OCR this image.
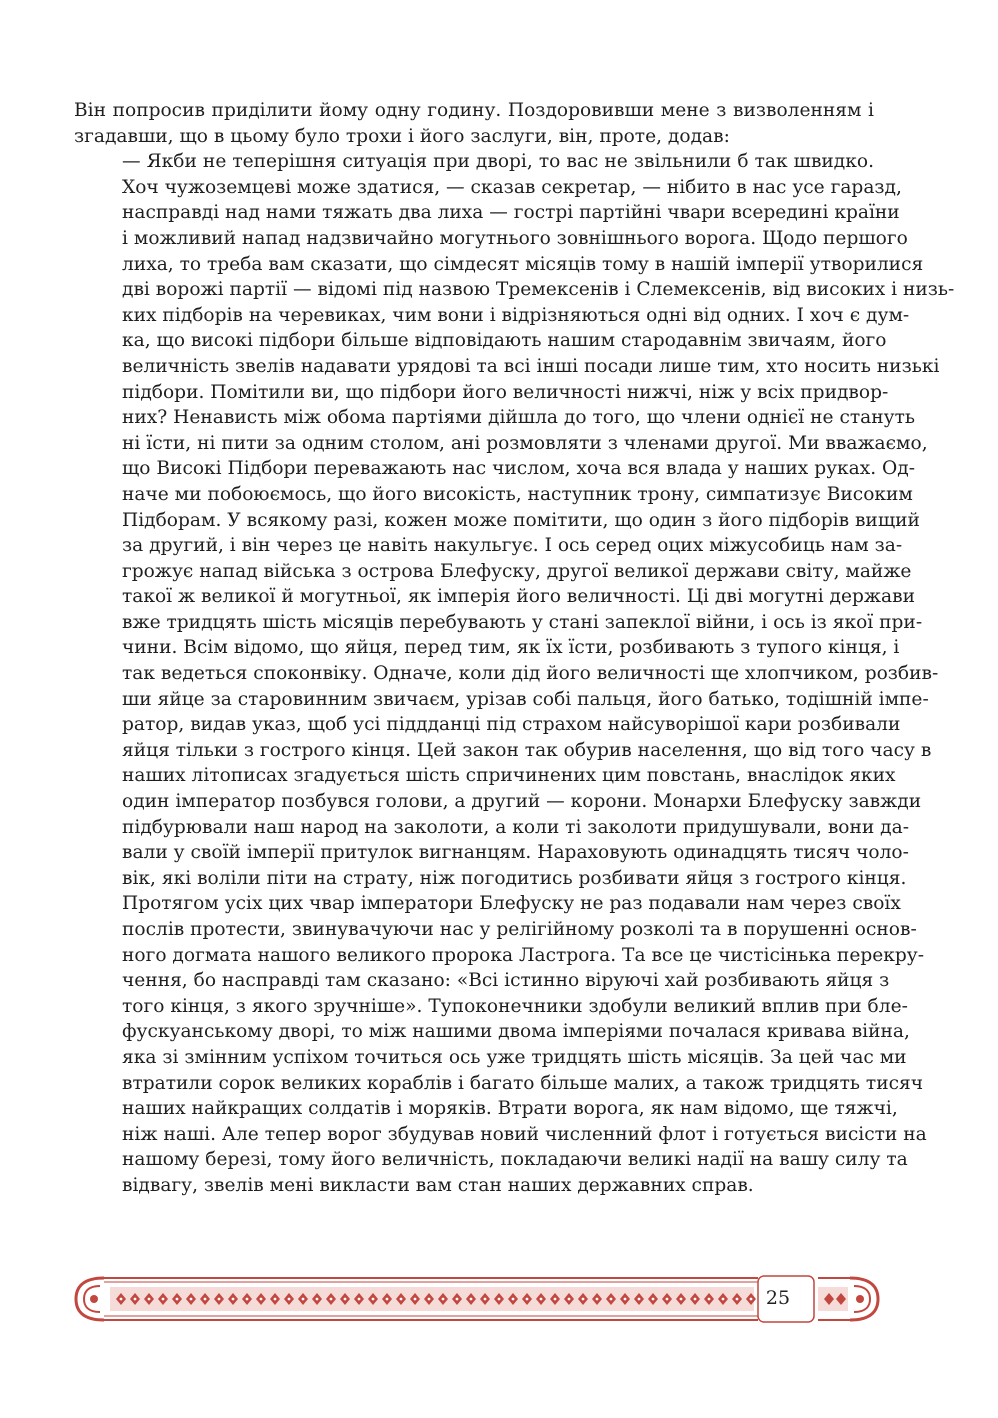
Він попросив приділити йому одну годину. Поздоровивши мене з визволенням і
згадавши, що в цьому було трохи і його заслуги, він, проте, додав:

— Якби не теперішня ситуація при дворі, то вас не звільнили б так швидко.
Хоч чужоземцеві може здатися, — сказав секретар, — нібито в нас усе гаразд,
насправді над нами тяжать два лиха — гострі партійні чвари всередині країни
і можливий напад надзвичайно могутнього зовнішнього ворога. Щодо першого
лиха, то треба вам сказати, що сімдесят місяців тому в нашій імперії утворилися
дві ворожі партії — відомі під назвою Тремексенів і Слемексенів, від високих і низь-
ких підборів на черевиках, чим вони і відрізняються одні від одних. І хоч є дум-
ка, що високі підбори більше відповідають нашим стародавнім звичаям, його
величність звелів надавати урядові та всі інші посади лише тим, хто носить низькі
підбори. Помітили ви, що підбори його величності нижчі, ніж у всіх придвор-
них? Ненависть між обома партіями дійшла до того, що члени однієї не стануть
ні їсти, ні пити за одним столом, ані розмовляти з членами другої. Ми вважаємо,
що Високі Підбори переважають нас числом, хоча вся влада у наших руках. Од-
наче ми побоюємось, що його високість, наступник трону, симпатизує Високим
Підборам. У всякому разі, кожен може помітити, що один з його підборів вищий
за другий, і він через це навіть накульгує. І ось серед оцих міжусобиць нам за-
грожує напад війська з острова Блефуску, другої великої держави світу, майже
такої ж великої й могутньої, як імперія його величності. Ці дві могутні держави
вже тридцять шість місяців перебувають у стані запеклої війни, і ось із якої при-
чини. Всім відомо, що яйця, перед тим, як їх їсти, розбивають з тупого кінця, і
так ведеться споконвіку. Одначе, коли дід його величності ще хлопчиком, розбив-
ши яйце за старовинним звичаєм, урізав собі пальця, його батько, тодішній імпе-
ратор, видав указ, щоб усі піддданці під страхом найсуворішої кари розбивали
яйця тільки з гострого кінця. Цей закон так обурив населення, що від того часу в
наших літописах згадується шість спричинених цим повстань, внаслідок яких
один імператор позбувся голови, а другий — корони. Монархи Блефуску завжди
підбурювали наш народ на заколоти, а коли ті заколоти придушували, вони да-
вали у своїй імперії притулок вигнанцям. Нараховують одинадцять тисяч чоло-
вік, які воліли піти на страту, ніж погодитись розбивати яйця з гострого кінця.
Протягом усіх цих чвар імператори Блефуску не раз подавали нам через своїх
послів протести, звинувачуючи нас у релігійному розколі та в порушенні основ-
ного догмата нашого великого пророка Ластрога. Та все це чистісінька перекру-
чення, бо насправді там сказано: «Всі істинно віруючі хай розбивають яйця з
того кінця, з якого зручніше». Тупоконечники здобули великий вплив при бле-
фускуанському дворі, то між нашими двома імперіями почалася кривава війна,
яка зі змінним успіхом точиться ось уже тридцять шість місяців. За цей час ми
втратили сорок великих кораблів і багато більше малих, а також тридцять тисяч
наших найкращих солдатів і моряків. Втрати ворога, як нам відомо, ще тяжчі,
ніж наші. Але тепер ворог збудував новий численний флот і готується висісти на
нашому березі, тому його величність, покладаючи великі надії на вашу силу та
відвагу, звелів мені викласти вам стан наших державних справ.

25
